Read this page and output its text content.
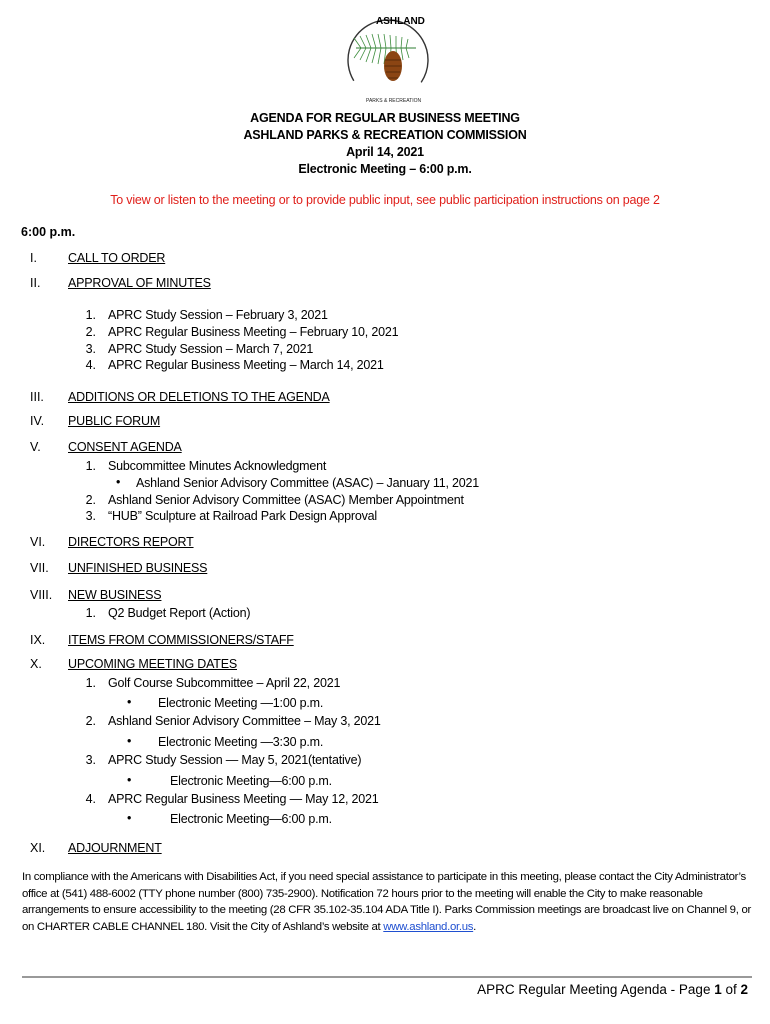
ASHLAND
PARKS & RECREATION
AGENDA FOR REGULAR BUSINESS MEETING
ASHLAND PARKS & RECREATION COMMISSION
April 14, 2021
Electronic Meeting – 6:00 p.m.
To view or listen to the meeting or to provide public input, see public participation instructions on page 2
6:00 p.m.
I.	CALL TO ORDER
II.	APPROVAL OF MINUTES
1. APRC Study Session – February 3, 2021
2. APRC Regular Business Meeting – February 10, 2021
3. APRC Study Session – March 7, 2021
4. APRC Regular Business Meeting – March 14, 2021
III.	ADDITIONS OR DELETIONS TO THE AGENDA
IV.	PUBLIC FORUM
V.	CONSENT AGENDA
1. Subcommittee Minutes Acknowledgment
• Ashland Senior Advisory Committee (ASAC) – January 11, 2021
2. Ashland Senior Advisory Committee (ASAC) Member Appointment
3. “HUB” Sculpture at Railroad Park Design Approval
VI.	DIRECTORS REPORT
VII.	UNFINISHED BUSINESS
VIII.	NEW BUSINESS
1. Q2 Budget Report (Action)
IX.	ITEMS FROM COMMISSIONERS/STAFF
X.	UPCOMING MEETING DATES
1. Golf Course Subcommittee – April 22, 2021
• Electronic Meeting —1:00 p.m.
2. Ashland Senior Advisory Committee – May 3, 2021
• Electronic Meeting —3:30 p.m.
3. APRC Study Session — May 5, 2021(tentative)
•	Electronic Meeting—6:00 p.m.
4. APRC Regular Business Meeting — May 12, 2021
•	Electronic Meeting—6:00 p.m.
XI.	ADJOURNMENT
In compliance with the Americans with Disabilities Act, if you need special assistance to participate in this meeting, please contact the City Administrator’s office at (541) 488-6002 (TTY phone number (800) 735-2900). Notification 72 hours prior to the meeting will enable the City to make reasonable arrangements to ensure accessibility to the meeting (28 CFR 35.102-35.104 ADA Title I). Parks Commission meetings are broadcast live on Channel 9, or on CHARTER CABLE CHANNEL 180. Visit the City of Ashland’s website at www.ashland.or.us.
APRC Regular Meeting Agenda - Page 1 of 2
